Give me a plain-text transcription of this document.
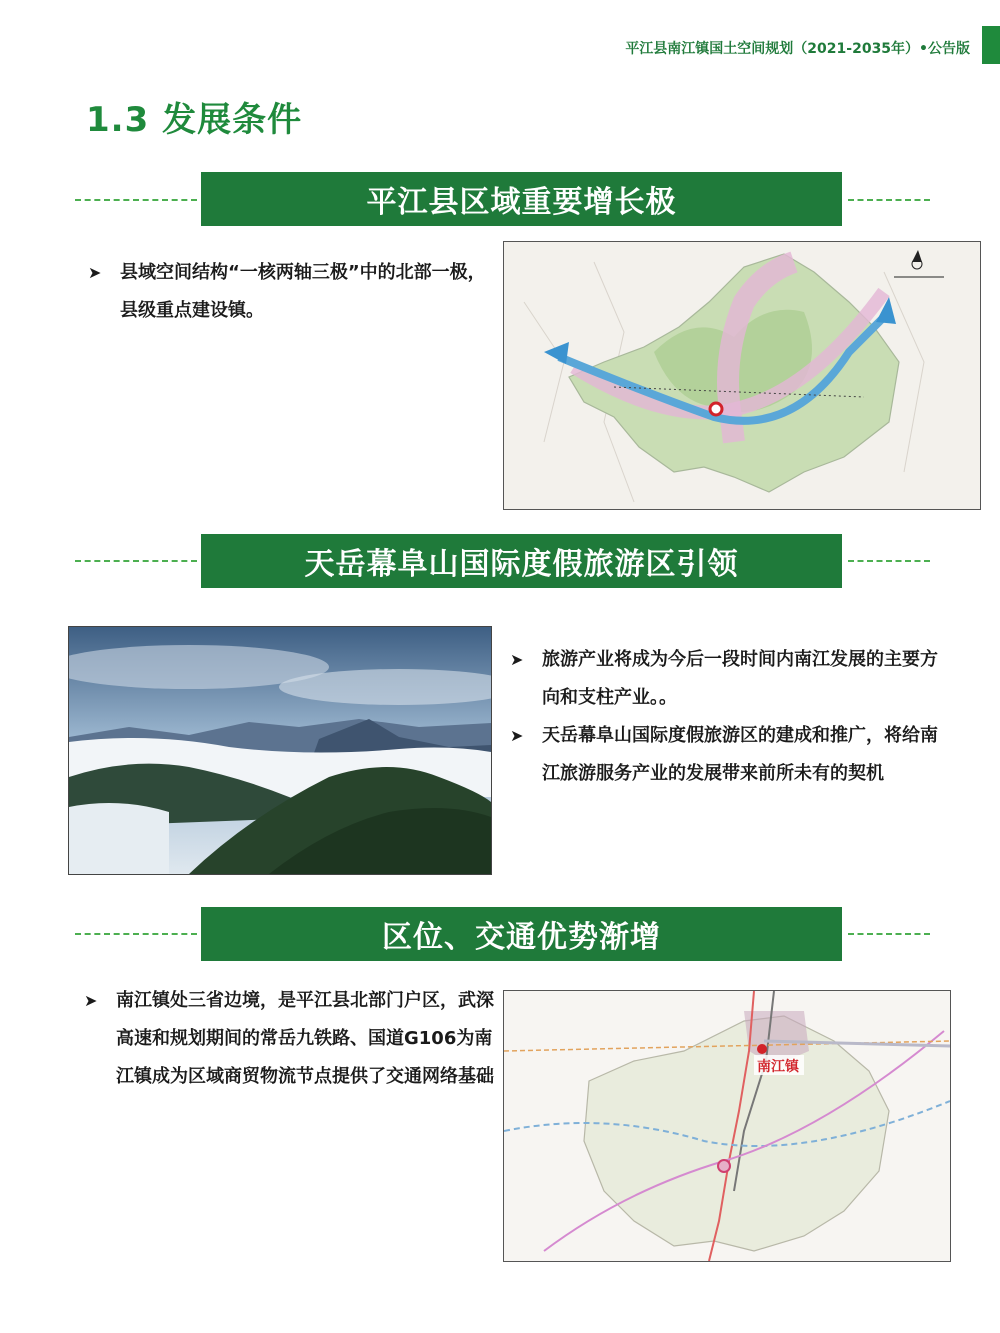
平江县南江镇国土空间规划（2021-2035年）•公告版
1.3 发展条件
平江县区域重要增长极
➤ 县域空间结构“一核两轴三极”中的北部一极，县级重点建设镇。
天岳幕阜山国际度假旅游区引领
➤ 旅游产业将成为今后一段时间内南江发展的主要方向和支柱产业。。
➤ 天岳幕阜山国际度假旅游区的建成和推广，将给南江旅游服务产业的发展带来前所未有的契机
区位、交通优势渐增
➤ 南江镇处三省边境，是平江县北部门户区，武深高速和规划期间的常岳九铁路、国道G106为南江镇成为区域商贸物流节点提供了交通网络基础	南江镇
